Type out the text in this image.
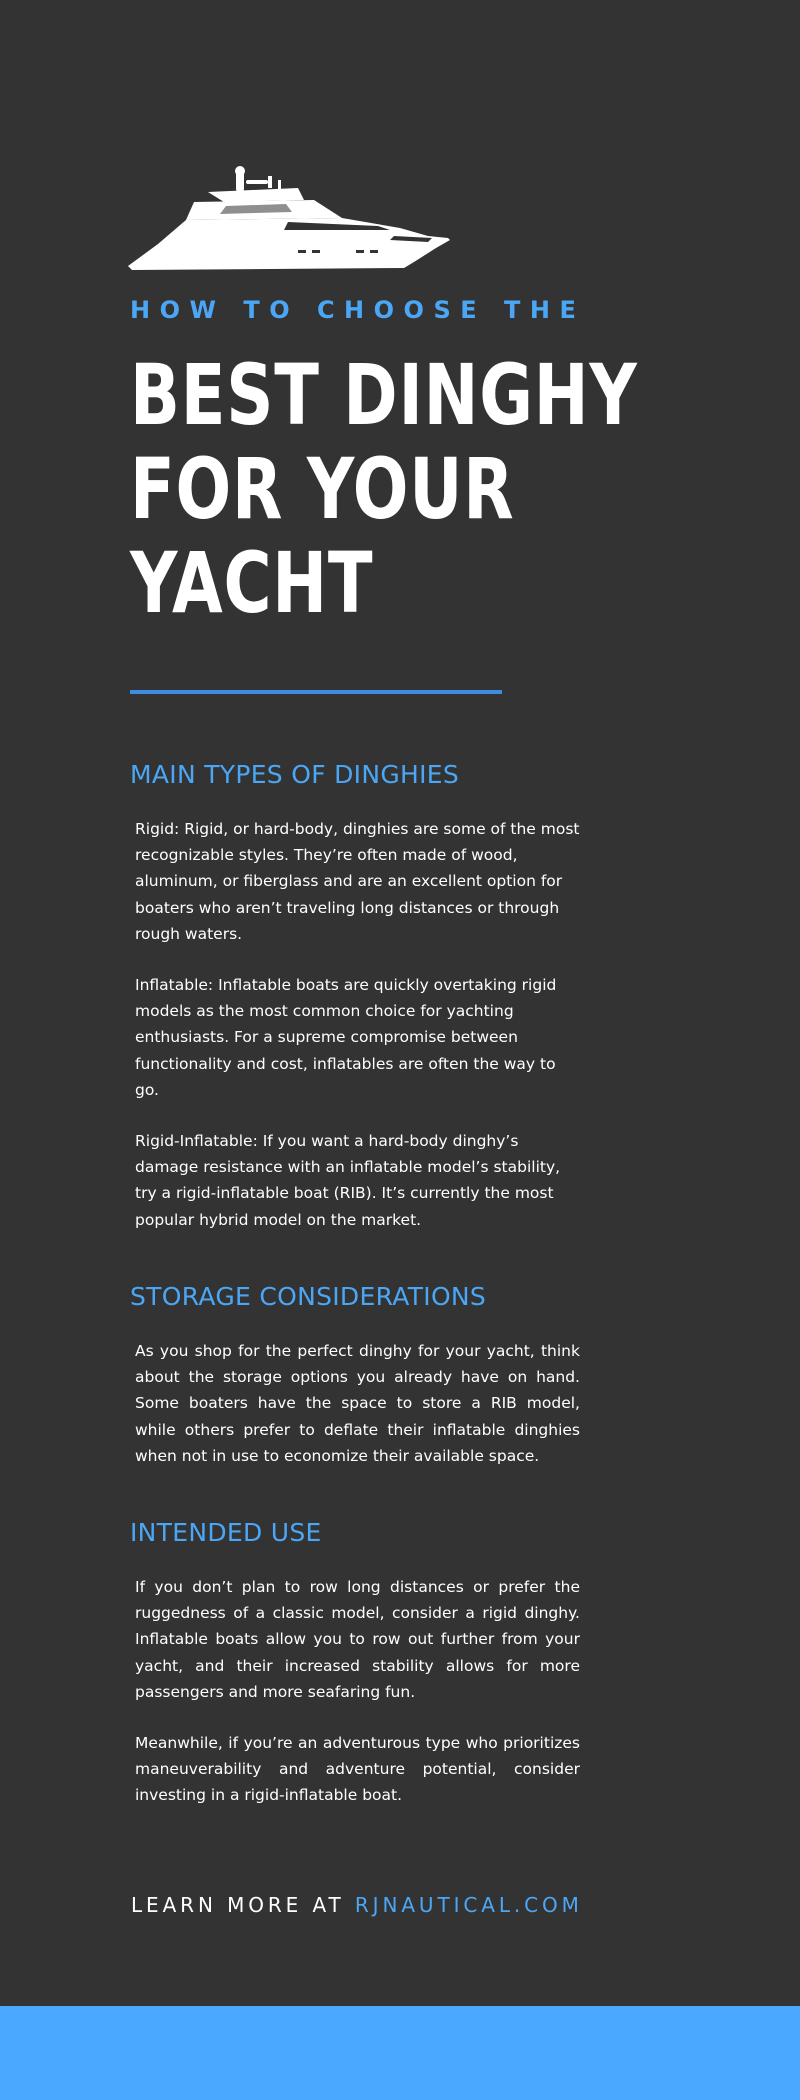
HOW TO CHOOSE THE
BEST DINGHY
FOR YOUR
YACHT
MAIN TYPES OF DINGHIES

Rigid: Rigid, or hard-body, dinghies are some of the most recognizable styles. They’re often made of wood, aluminum, or fiberglass and are an excellent option for boaters who aren’t traveling long distances or through rough waters.

Inflatable: Inflatable boats are quickly overtaking rigid models as the most common choice for yachting enthusiasts. For a supreme compromise between functionality and cost, inflatables are often the way to go.

Rigid-Inflatable: If you want a hard-body dinghy’s damage resistance with an inflatable model’s stability, try a rigid-inflatable boat (RIB). It’s currently the most popular hybrid model on the market.

STORAGE CONSIDERATIONS

As you shop for the perfect dinghy for your yacht, think about the storage options you already have on hand. Some boaters have the space to store a RIB model, while others prefer to deflate their inflatable dinghies when not in use to economize their available space.

INTENDED USE

If you don’t plan to row long distances or prefer the ruggedness of a classic model, consider a rigid dinghy. Inflatable boats allow you to row out further from your yacht, and their increased stability allows for more passengers and more seafaring fun.

Meanwhile, if you’re an adventurous type who prioritizes maneuverability and adventure potential, consider investing in a rigid-inflatable boat.

LEARN MORE AT RJNAUTICAL.COM
